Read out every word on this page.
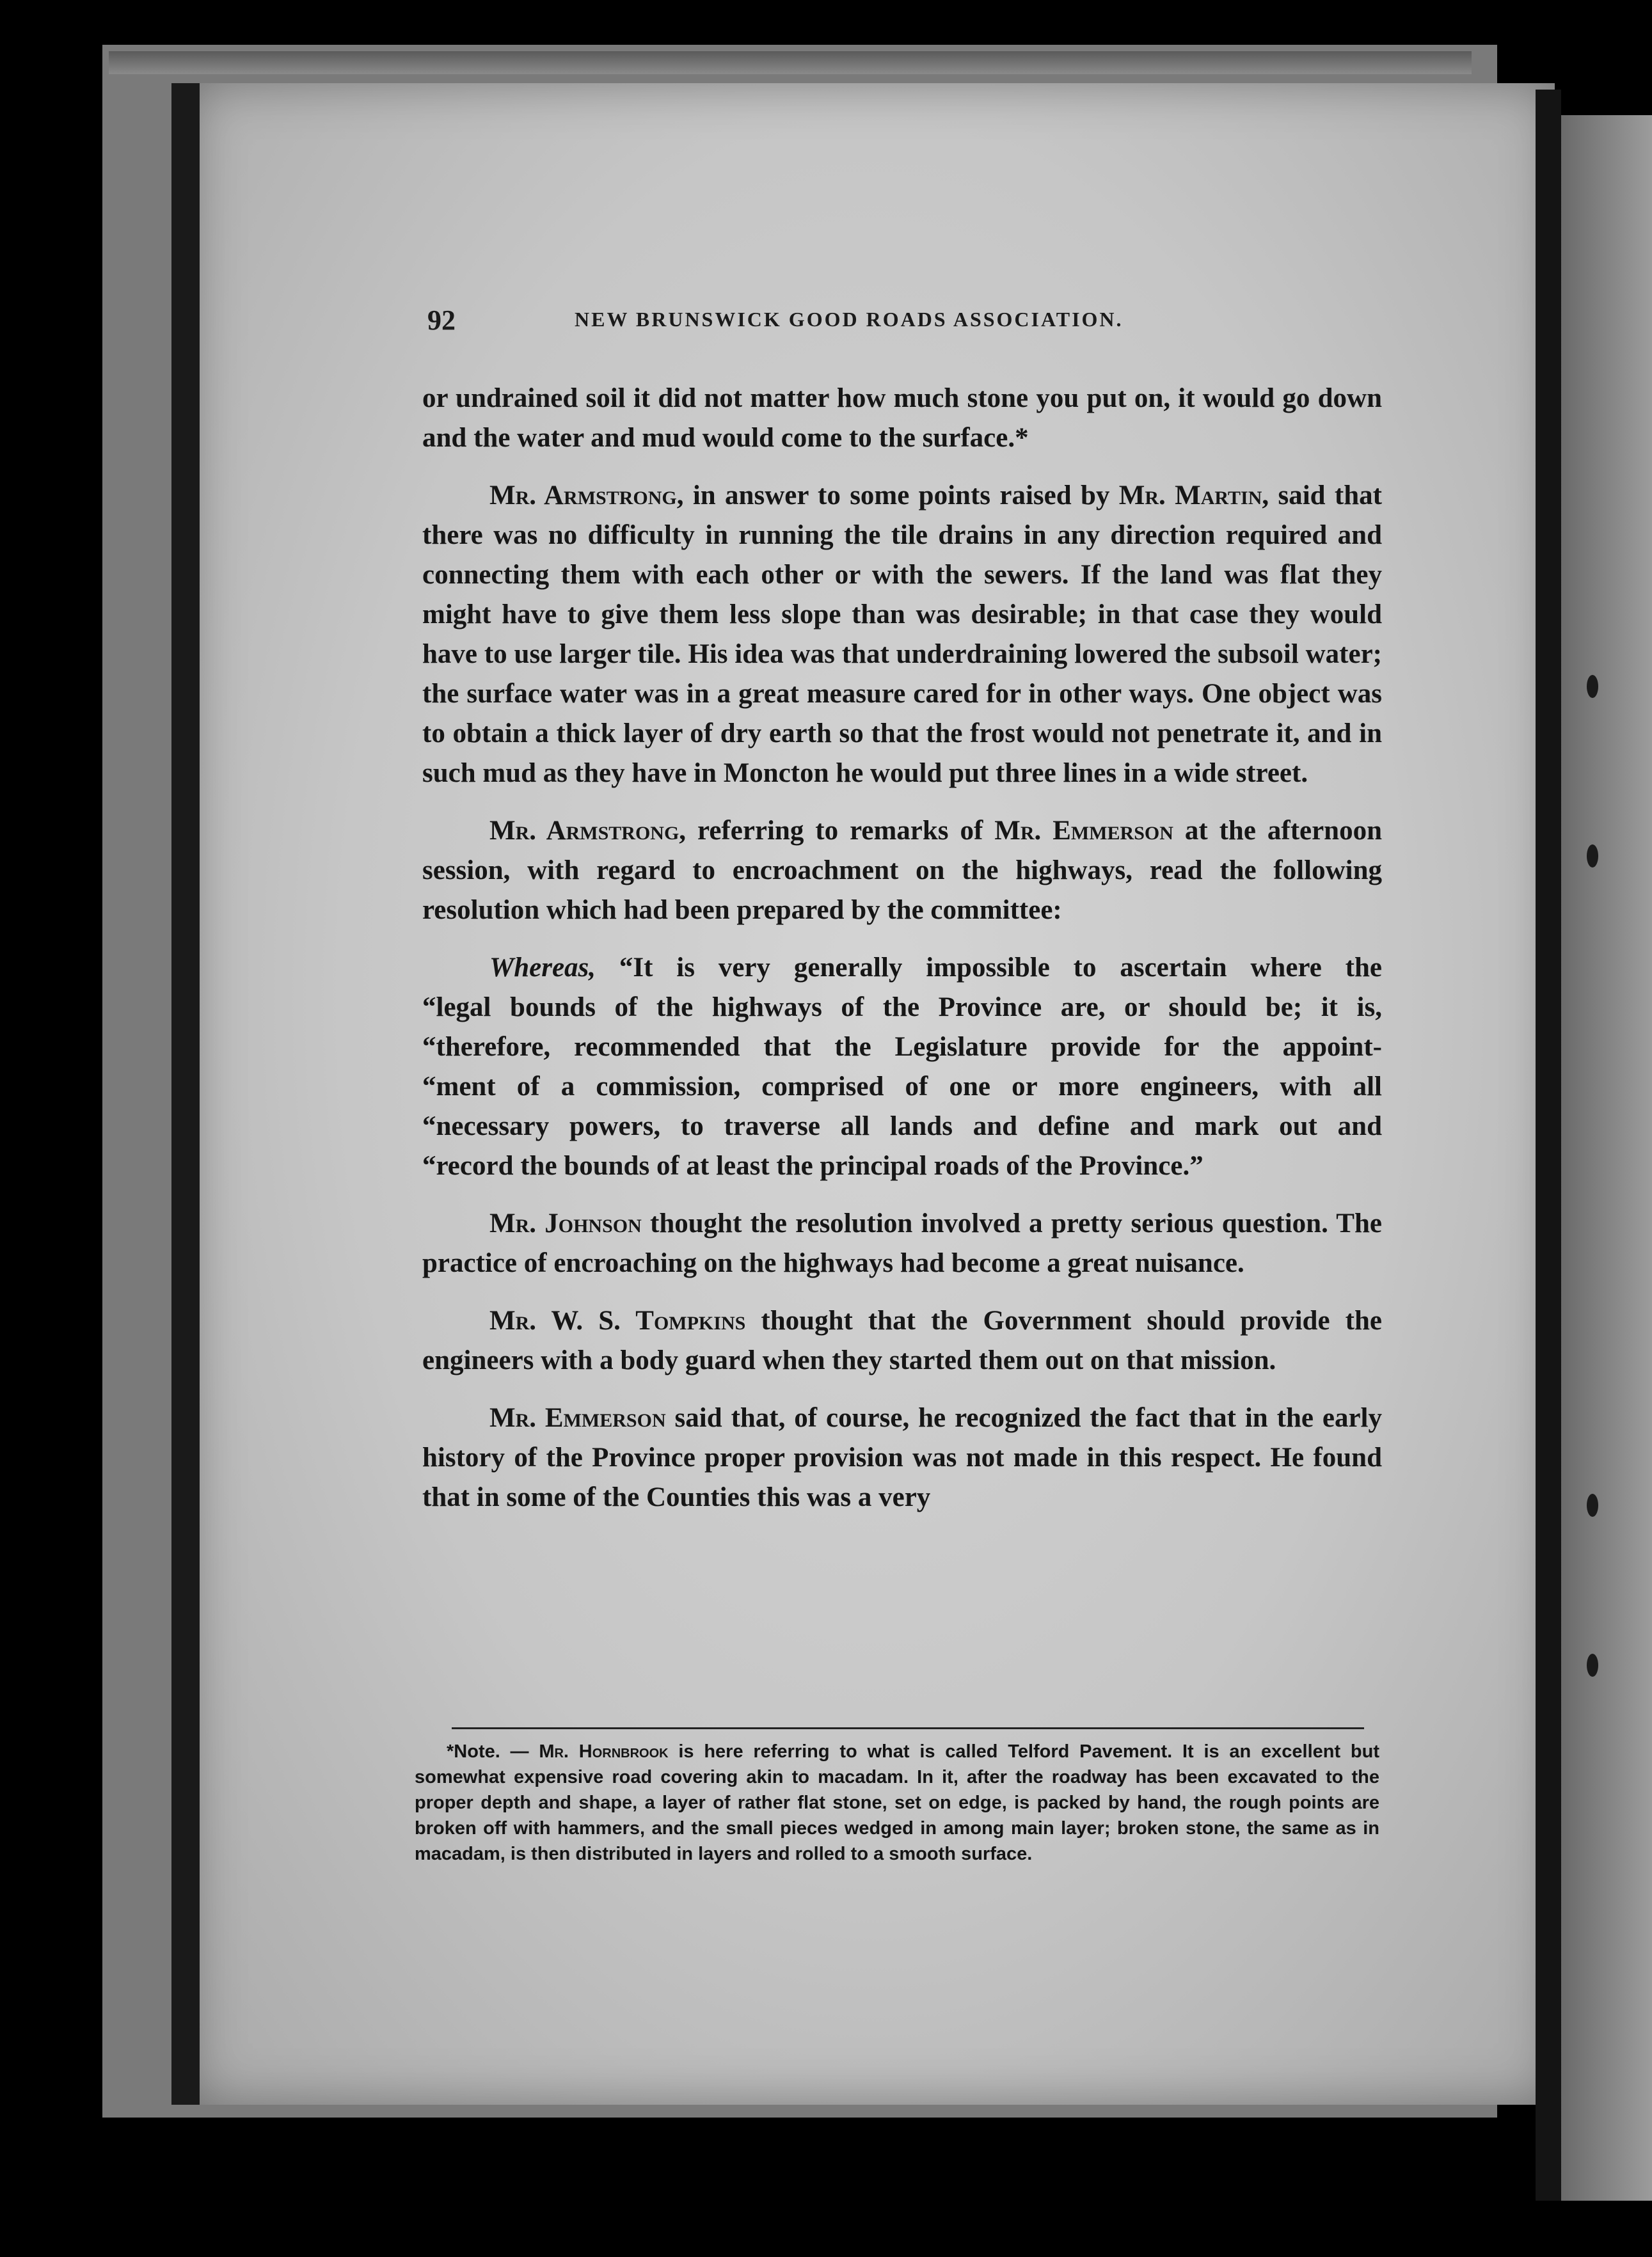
92	NEW BRUNSWICK GOOD ROADS ASSOCIATION.

or undrained soil it did not matter how much stone you put on, it would go down and the water and mud would come to the surface.*

Mr. Armstrong, in answer to some points raised by Mr. Martin, said that there was no difficulty in running the tile drains in any direction required and connecting them with each other or with the sewers. If the land was flat they might have to give them less slope than was desirable; in that case they would have to use larger tile. His idea was that underdraining lowered the subsoil water; the surface water was in a great measure cared for in other ways. One object was to obtain a thick layer of dry earth so that the frost would not penetrate it, and in such mud as they have in Moncton he would put three lines in a wide street.

Mr. Armstrong, referring to remarks of Mr. Emmerson at the afternoon session, with regard to encroachment on the highways, read the following resolution which had been prepared by the committee:

Whereas, “It is very generally impossible to ascertain where the
“legal bounds of the highways of the Province are, or should be; it is,
“therefore, recommended that the Legislature provide for the appoint-
“ment of a commission, comprised of one or more engineers, with all
“necessary powers, to traverse all lands and define and mark out and
“record the bounds of at least the principal roads of the Province.”

Mr. Johnson thought the resolution involved a pretty serious question. The practice of encroaching on the highways had become a great nuisance.

Mr. W. S. Tompkins thought that the Government should provide the engineers with a body guard when they started them out on that mission.

Mr. Emmerson said that, of course, he recognized the fact that in the early history of the Province proper provision was not made in this respect. He found that in some of the Counties this was a very

*Note. — Mr. Hornbrook is here referring to what is called Telford Pavement. It is an excellent but somewhat expensive road covering akin to macadam. In it, after the roadway has been excavated to the proper depth and shape, a layer of rather flat stone, set on edge, is packed by hand, the rough points are broken off with hammers, and the small pieces wedged in among main layer; broken stone, the same as in macadam, is then distributed in layers and rolled to a smooth surface.
